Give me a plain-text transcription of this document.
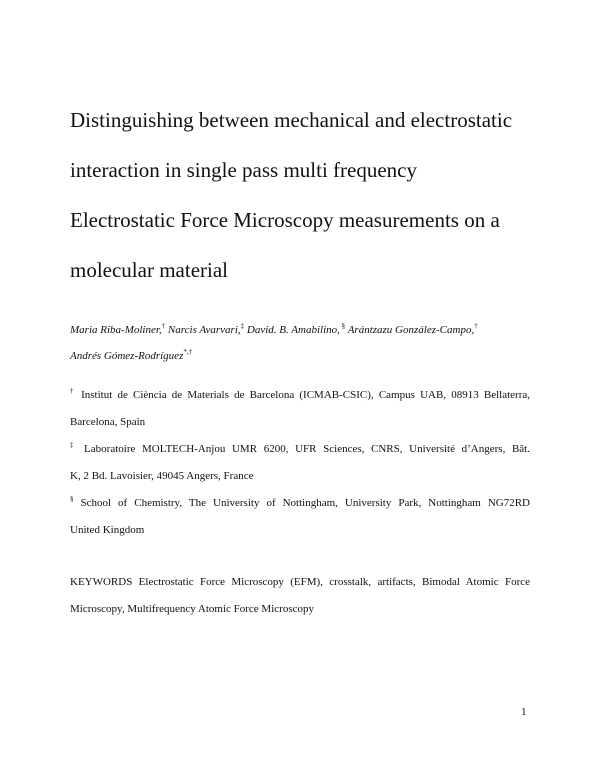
Distinguishing between mechanical and electrostatic
interaction in single pass multi frequency
Electrostatic Force Microscopy measurements on a
molecular material
Maria Riba-Moliner,† Narcis Avarvari,‡ David. B. Amabilino, § Arántzazu González-Campo,†
Andrés Gómez-Rodríguez*,†
† Institut de Ciència de Materials de Barcelona (ICMAB-CSIC), Campus UAB, 08913 Bellaterra,
Barcelona, Spain
‡ Laboratoire MOLTECH-Anjou UMR 6200, UFR Sciences, CNRS, Université d’Angers, Bât.
K, 2 Bd. Lavoisier, 49045 Angers, France
§ School of Chemistry, The University of Nottingham, University Park, Nottingham NG72RD
United Kingdom
KEYWORDS Electrostatic Force Microscopy (EFM), crosstalk, artifacts, Bimodal Atomic Force
Microscopy, Multifrequency Atomic Force Microscopy
1
